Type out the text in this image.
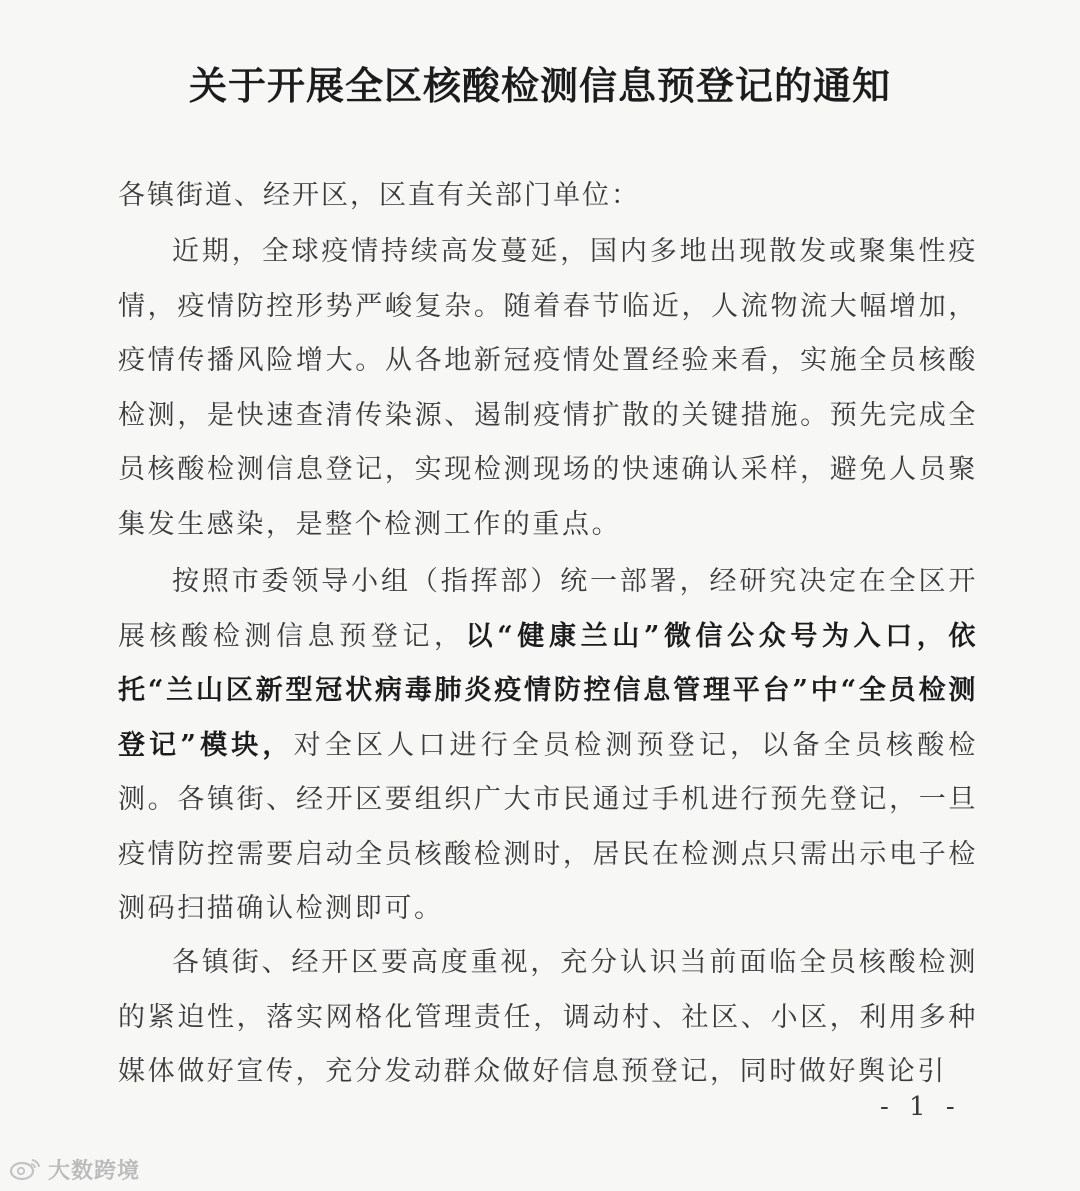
关于开展全区核酸检测信息预登记的通知
各镇街道、经开区，区直有关部门单位：

近期，全球疫情持续高发蔓延，国内多地出现散发或聚集性疫情，疫情防控形势严峻复杂。随着春节临近，人流物流大幅增加，疫情传播风险增大。从各地新冠疫情处置经验来看，实施全员核酸检测，是快速查清传染源、遏制疫情扩散的关键措施。预先完成全员核酸检测信息登记，实现检测现场的快速确认采样，避免人员聚集发生感染，是整个检测工作的重点。

按照市委领导小组（指挥部）统一部署，经研究决定在全区开展核酸检测信息预登记，以“健康兰山”微信公众号为入口，依托“兰山区新型冠状病毒肺炎疫情防控信息管理平台”中“全员检测登记”模块，对全区人口进行全员检测预登记，以备全员核酸检测。各镇街、经开区要组织广大市民通过手机进行预先登记，一旦疫情防控需要启动全员核酸检测时，居民在检测点只需出示电子检测码扫描确认检测即可。

各镇街、经开区要高度重视，充分认识当前面临全员核酸检测的紧迫性，落实网格化管理责任，调动村、社区、小区，利用多种媒体做好宣传，充分发动群众做好信息预登记，同时做好舆论引

- 1 -
大数跨境
